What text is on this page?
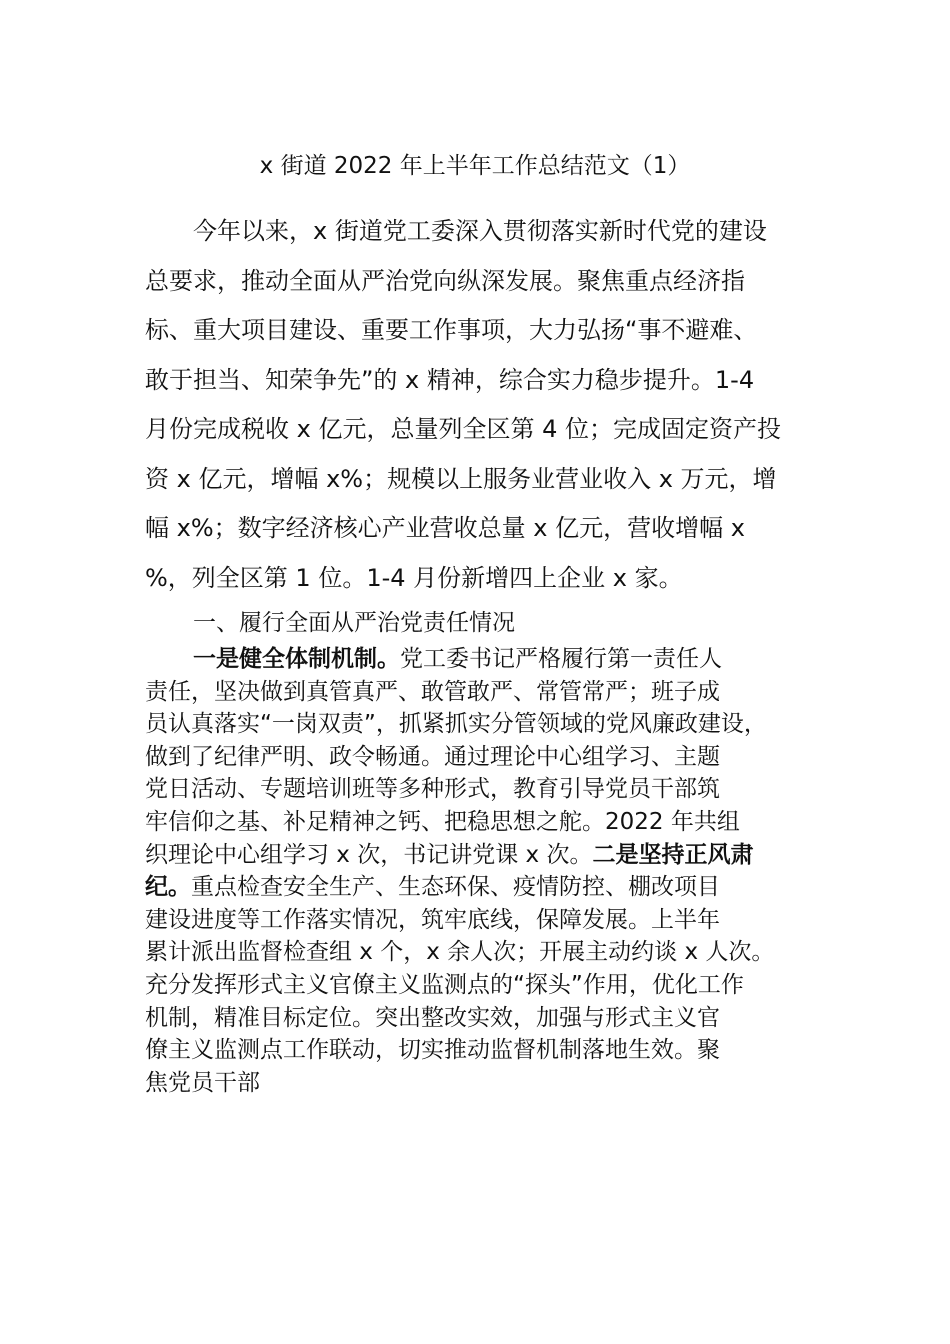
x 街道 2022 年上半年工作总结范文（1）
今年以来，x 街道党工委深入贯彻落实新时代党的建设
总要求，推动全面从严治党向纵深发展。聚焦重点经济指
标、重大项目建设、重要工作事项，大力弘扬“事不避难、
敢于担当、知荣争先”的 x 精神，综合实力稳步提升。1-4
月份完成税收 x 亿元，总量列全区第 4 位；完成固定资产投
资 x 亿元，增幅 x%；规模以上服务业营业收入 x 万元，增
幅 x%；数字经济核心产业营收总量 x 亿元，营收增幅 x
%，列全区第 1 位。1-4 月份新增四上企业 x 家。
一、履行全面从严治党责任情况
一是健全体制机制。党工委书记严格履行第一责任人
责任，坚决做到真管真严、敢管敢严、常管常严；班子成
员认真落实“一岗双责”，抓紧抓实分管领域的党风廉政建设，
做到了纪律严明、政令畅通。通过理论中心组学习、主题
党日活动、专题培训班等多种形式，教育引导党员干部筑
牢信仰之基、补足精神之钙、把稳思想之舵。2022 年共组
织理论中心组学习 x 次，书记讲党课 x 次。二是坚持正风肃
纪。重点检查安全生产、生态环保、疫情防控、棚改项目
建设进度等工作落实情况，筑牢底线，保障发展。上半年
累计派出监督检查组 x 个，x 余人次；开展主动约谈 x 人次。
充分发挥形式主义官僚主义监测点的“探头”作用，优化工作
机制，精准目标定位。突出整改实效，加强与形式主义官
僚主义监测点工作联动，切实推动监督机制落地生效。聚
焦党员干部
